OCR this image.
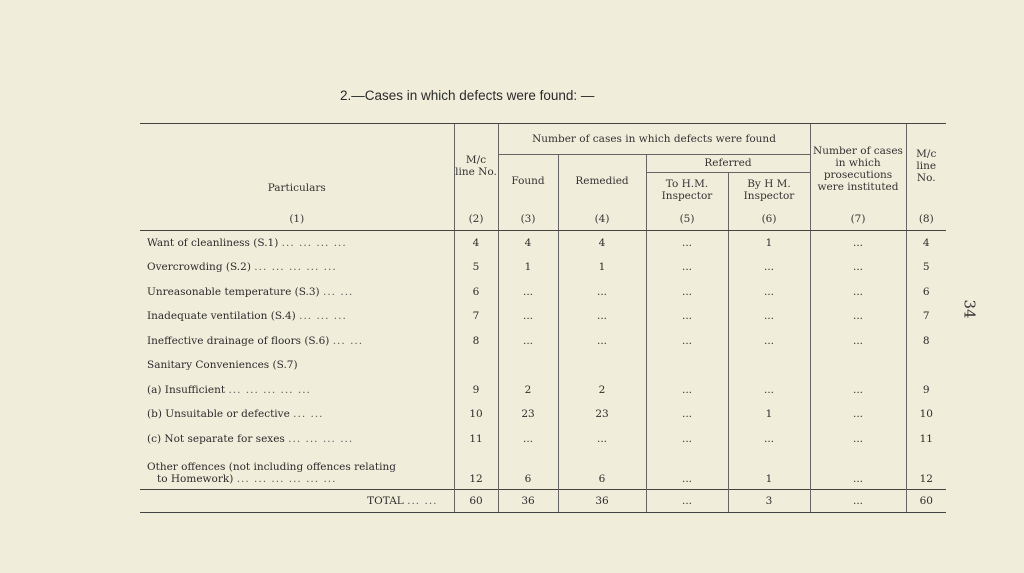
2.—Cases in which defects were found: —
34

Particulars	M/c line No.	Number of cases in which defects were found				Number of cases in which prosecutions were instituted	M/c line No.
		Found	Remedied	Referred			
				To H.M. Inspector	By H M. Inspector		
(1)	(2)	(3)	(4)	(5)	(6)	(7)	(8)
Want of cleanliness (S.1) ... ... ... ...	4	4	4	...	1	...	4
Overcrowding (S.2) ... ... ... ... ...	5	1	1	...	...	...	5
Unreasonable temperature (S.3) ... ...	6	...	...	...	...	...	6
Inadequate ventilation (S.4) ... ... ...	7	...	...	...	...	...	7
Ineffective drainage of floors (S.6) ... ...	8	...	...	...	...	...	8
Sanitary Conveniences (S.7)							
(a) Insufficient ... ... ... ... ...	9	2	2	...	...	...	9
(b) Unsuitable or defective ... ...	10	23	23	...	1	...	10
(c) Not separate for sexes ... ... ... ...	11	...	...	...	...	...	11
Other offences (not including offences relating
to Homework) ... ... ... ... ... ...	12	6	6	...	1	...	12
TOTAL ... ...	60	36	36	...	3	...	60
